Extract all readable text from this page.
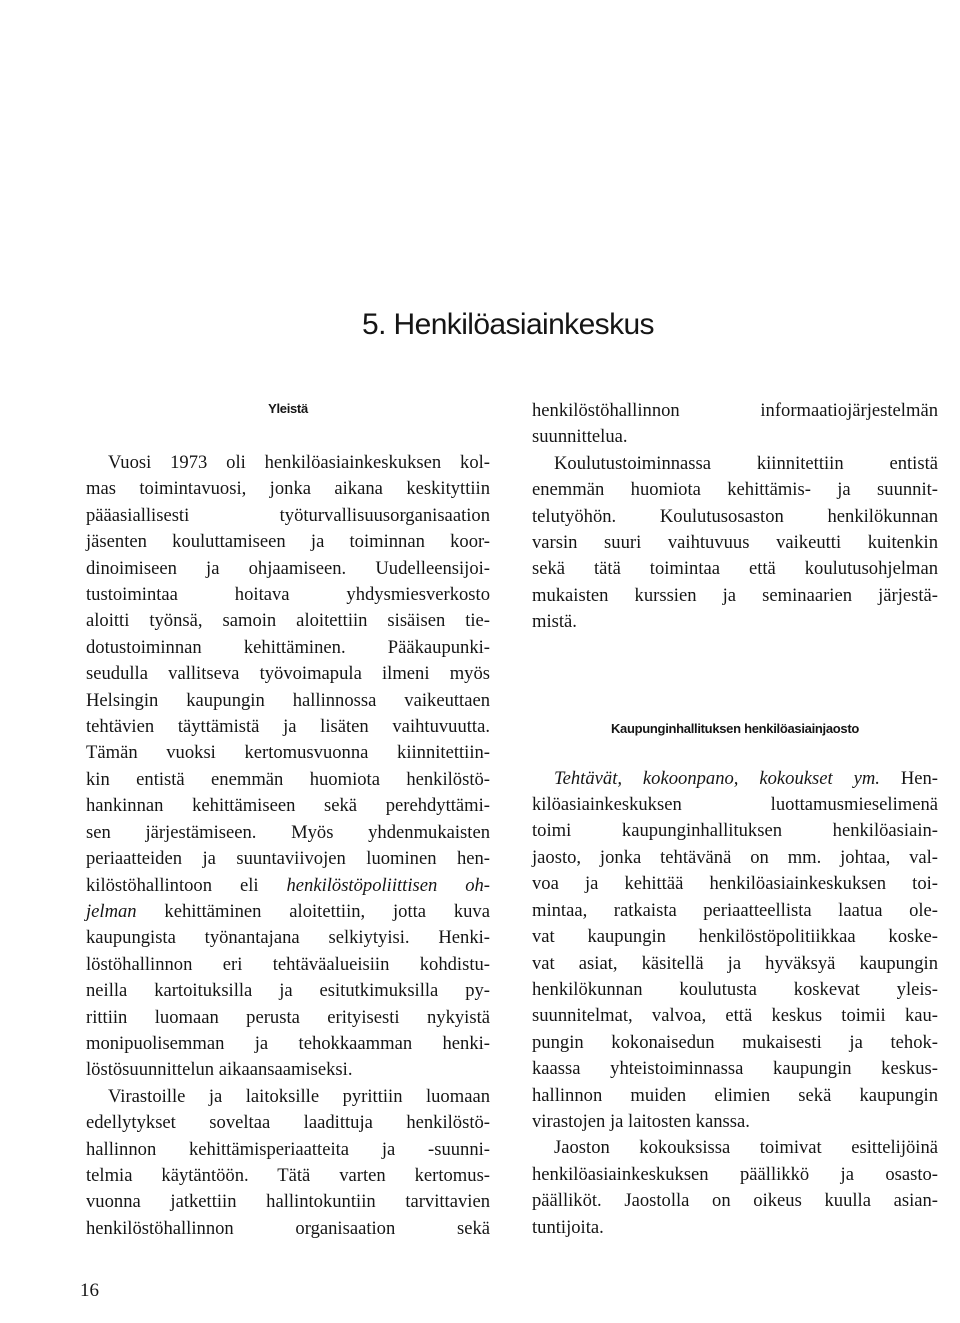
5. Henkilöasiainkeskus
Yleistä

Vuosi 1973 oli henkilöasiainkeskuksen kol-
mas toimintavuosi, jonka aikana keskityttiin
pääasiallisesti työturvallisuusorganisaation
jäsenten kouluttamiseen ja toiminnan koor-
dinoimiseen ja ohjaamiseen. Uudelleensijoi-
tustoimintaa hoitava yhdysmiesverkosto
aloitti työnsä, samoin aloitettiin sisäisen tie-
dotustoiminnan kehittäminen. Pääkaupunki-
seudulla vallitseva työvoimapula ilmeni myös
Helsingin kaupungin hallinnossa vaikeuttaen
tehtävien täyttämistä ja lisäten vaihtuvuutta.
Tämän vuoksi kertomusvuonna kiinnitettiin-
kin entistä enemmän huomiota henkilöstö-
hankinnan kehittämiseen sekä perehdyttämi-
sen järjestämiseen. Myös yhdenmukaisten
periaatteiden ja suuntaviivojen luominen hen-
kilöstöhallintoon eli henkilöstöpoliittisen oh-
jelman kehittäminen aloitettiin, jotta kuva
kaupungista työnantajana selkiytyisi. Henki-
löstöhallinnon eri tehtäväalueisiin kohdistu-
neilla kartoituksilla ja esitutkimuksilla py-
rittiin luomaan perusta erityisesti nykyistä
monipuolisemman ja tehokkaamman henki-
löstösuunnittelun aikaansaamiseksi.

Virastoille ja laitoksille pyrittiin luomaan
edellytykset soveltaa laadittuja henkilöstö-
hallinnon kehittämisperiaatteita ja -suunni-
telmia käytäntöön. Tätä varten kertomus-
vuonna jatkettiin hallintokuntiin tarvittavien
henkilöstöhallinnon organisaation sekä

henkilöstöhallinnon informaatiojärjestelmän
suunnittelua.

Koulutustoiminnassa kiinnitettiin entistä
enemmän huomiota kehittämis- ja suunnit-
telutyöhön. Koulutusosaston henkilökunnan
varsin suuri vaihtuvuus vaikeutti kuitenkin
sekä tätä toimintaa että koulutusohjelman
mukaisten kurssien ja seminaarien järjestä-
mistä.

Kaupunginhallituksen henkilöasiainjaosto

Tehtävät, kokoonpano, kokoukset ym. Hen-
kilöasiainkeskuksen luottamusmieselimenä
toimi kaupunginhallituksen henkilöasiain-
jaosto, jonka tehtävänä on mm. johtaa, val-
voa ja kehittää henkilöasiainkeskuksen toi-
mintaa, ratkaista periaatteellista laatua ole-
vat kaupungin henkilöstöpolitiikkaa koske-
vat asiat, käsitellä ja hyväksyä kaupungin
henkilökunnan koulutusta koskevat yleis-
suunnitelmat, valvoa, että keskus toimii kau-
pungin kokonaisedun mukaisesti ja tehok-
kaassa yhteistoiminnassa kaupungin keskus-
hallinnon muiden elimien sekä kaupungin
virastojen ja laitosten kanssa.

Jaoston kokouksissa toimivat esittelijöinä
henkilöasiainkeskuksen päällikkö ja osasto-
päälliköt. Jaostolla on oikeus kuulla asian-
tuntijoita.

16
